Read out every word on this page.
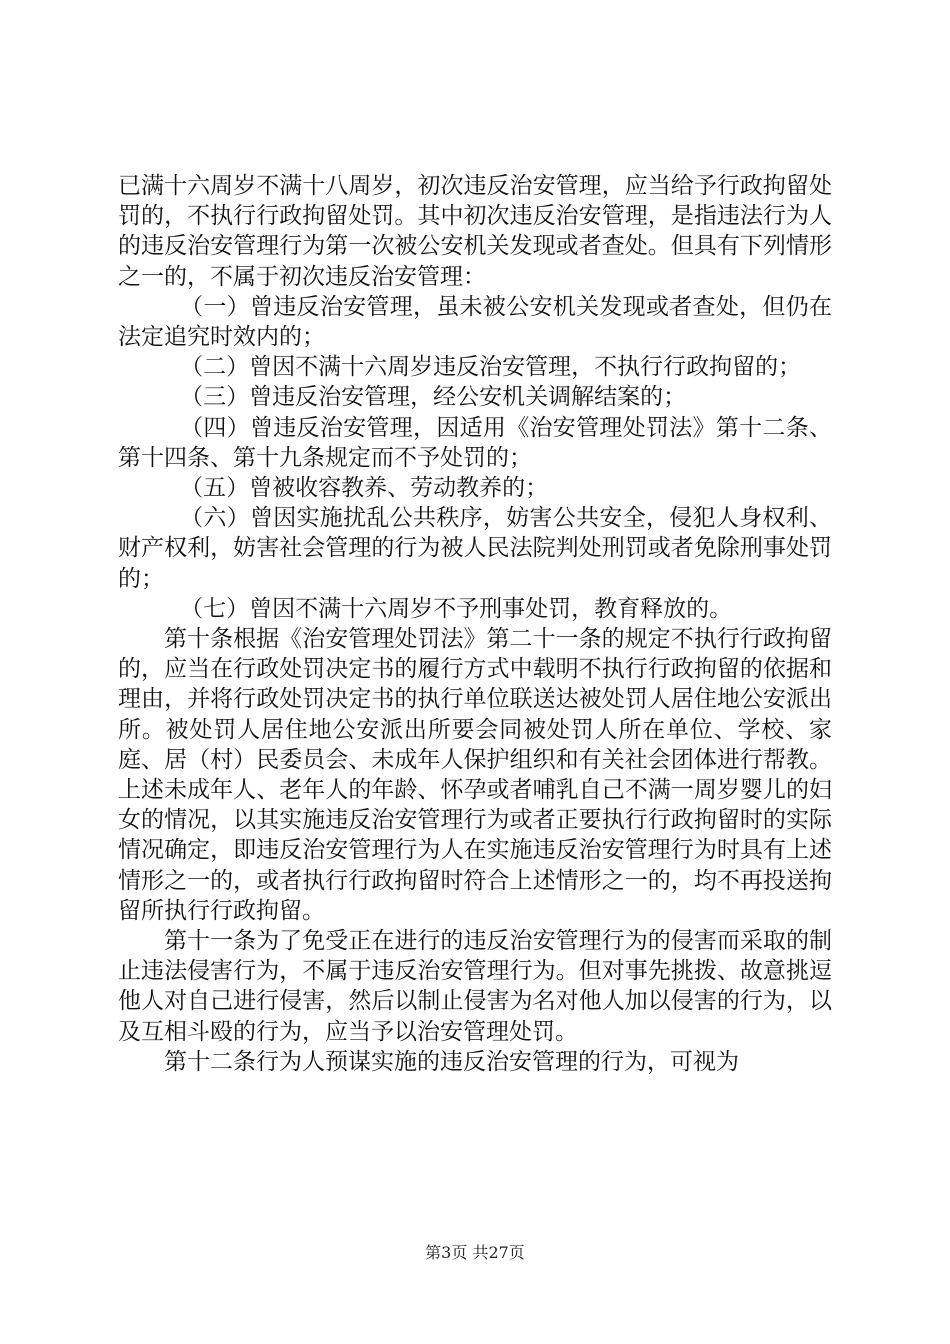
已满十六周岁不满十八周岁，初次违反治安管理，应当给予行政拘留处罚的，不执行行政拘留处罚。其中初次违反治安管理，是指违法行为人的违反治安管理行为第一次被公安机关发现或者查处。但具有下列情形之一的，不属于初次违反治安管理：

（一）曾违反治安管理，虽未被公安机关发现或者查处，但仍在法定追究时效内的；

（二）曾因不满十六周岁违反治安管理，不执行行政拘留的；

（三）曾违反治安管理，经公安机关调解结案的；

（四）曾违反治安管理，因适用《治安管理处罚法》第十二条、第十四条、第十九条规定而不予处罚的；

（五）曾被收容教养、劳动教养的；

（六）曾因实施扰乱公共秩序，妨害公共安全，侵犯人身权利、财产权利，妨害社会管理的行为被人民法院判处刑罚或者免除刑事处罚的；

（七）曾因不满十六周岁不予刑事处罚，教育释放的。

第十条根据《治安管理处罚法》第二十一条的规定不执行行政拘留的，应当在行政处罚决定书的履行方式中载明不执行行政拘留的依据和理由，并将行政处罚决定书的执行单位联送达被处罚人居住地公安派出所。被处罚人居住地公安派出所要会同被处罚人所在单位、学校、家庭、居（村）民委员会、未成年人保护组织和有关社会团体进行帮教。上述未成年人、老年人的年龄、怀孕或者哺乳自己不满一周岁婴儿的妇女的情况，以其实施违反治安管理行为或者正要执行行政拘留时的实际情况确定，即违反治安管理行为人在实施违反治安管理行为时具有上述情形之一的，或者执行行政拘留时符合上述情形之一的，均不再投送拘留所执行行政拘留。

第十一条为了免受正在进行的违反治安管理行为的侵害而采取的制止违法侵害行为，不属于违反治安管理行为。但对事先挑拨、故意挑逗他人对自己进行侵害，然后以制止侵害为名对他人加以侵害的行为，以及互相斗殴的行为，应当予以治安管理处罚。

第十二条行为人预谋实施的违反治安管理的行为，可视为

第3页 共27页
